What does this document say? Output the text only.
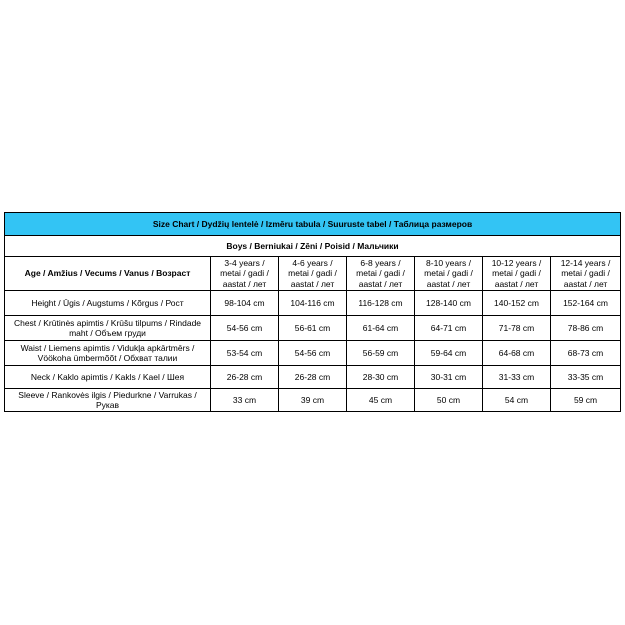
Size Chart / Dydžių lentelė / Izmēru tabula / Suuruste tabel / Таблица размеров						
Boys / Berniukai / Zēni / Poisid / Мальчики						
Age / Amžius / Vecums / Vanus / Возраст	3-4 years / metai / gadi / aastat / лет	4-6 years / metai / gadi / aastat / лет	6-8 years / metai / gadi / aastat / лет	8-10 years / metai / gadi / aastat / лет	10-12 years / metai / gadi / aastat / лет	12-14 years / metai / gadi / aastat / лет
Height / Ūgis / Augstums / Kõrgus / Рост	98-104 cm	104-116 cm	116-128 cm	128-140 cm	140-152 cm	152-164 cm
Chest / Krūtinės apimtis / Krūšu tilpums / Rindade maht / Объем груди	54-56 cm	56-61 cm	61-64 cm	64-71 cm	71-78 cm	78-86 cm
Waist / Liemens apimtis / Vidukļa apkārtmērs / Vöökoha ümbermõõt / Обхват талии	53-54 cm	54-56 cm	56-59 cm	59-64 cm	64-68 cm	68-73 cm
Neck / Kaklo apimtis / Kakls / Kael / Шея	26-28 cm	26-28 cm	28-30 cm	30-31 cm	31-33 cm	33-35 cm
Sleeve / Rankovės ilgis / Piedurkne / Varrukas / Рукав	33 cm	39 cm	45 cm	50 cm	54 cm	59 cm
